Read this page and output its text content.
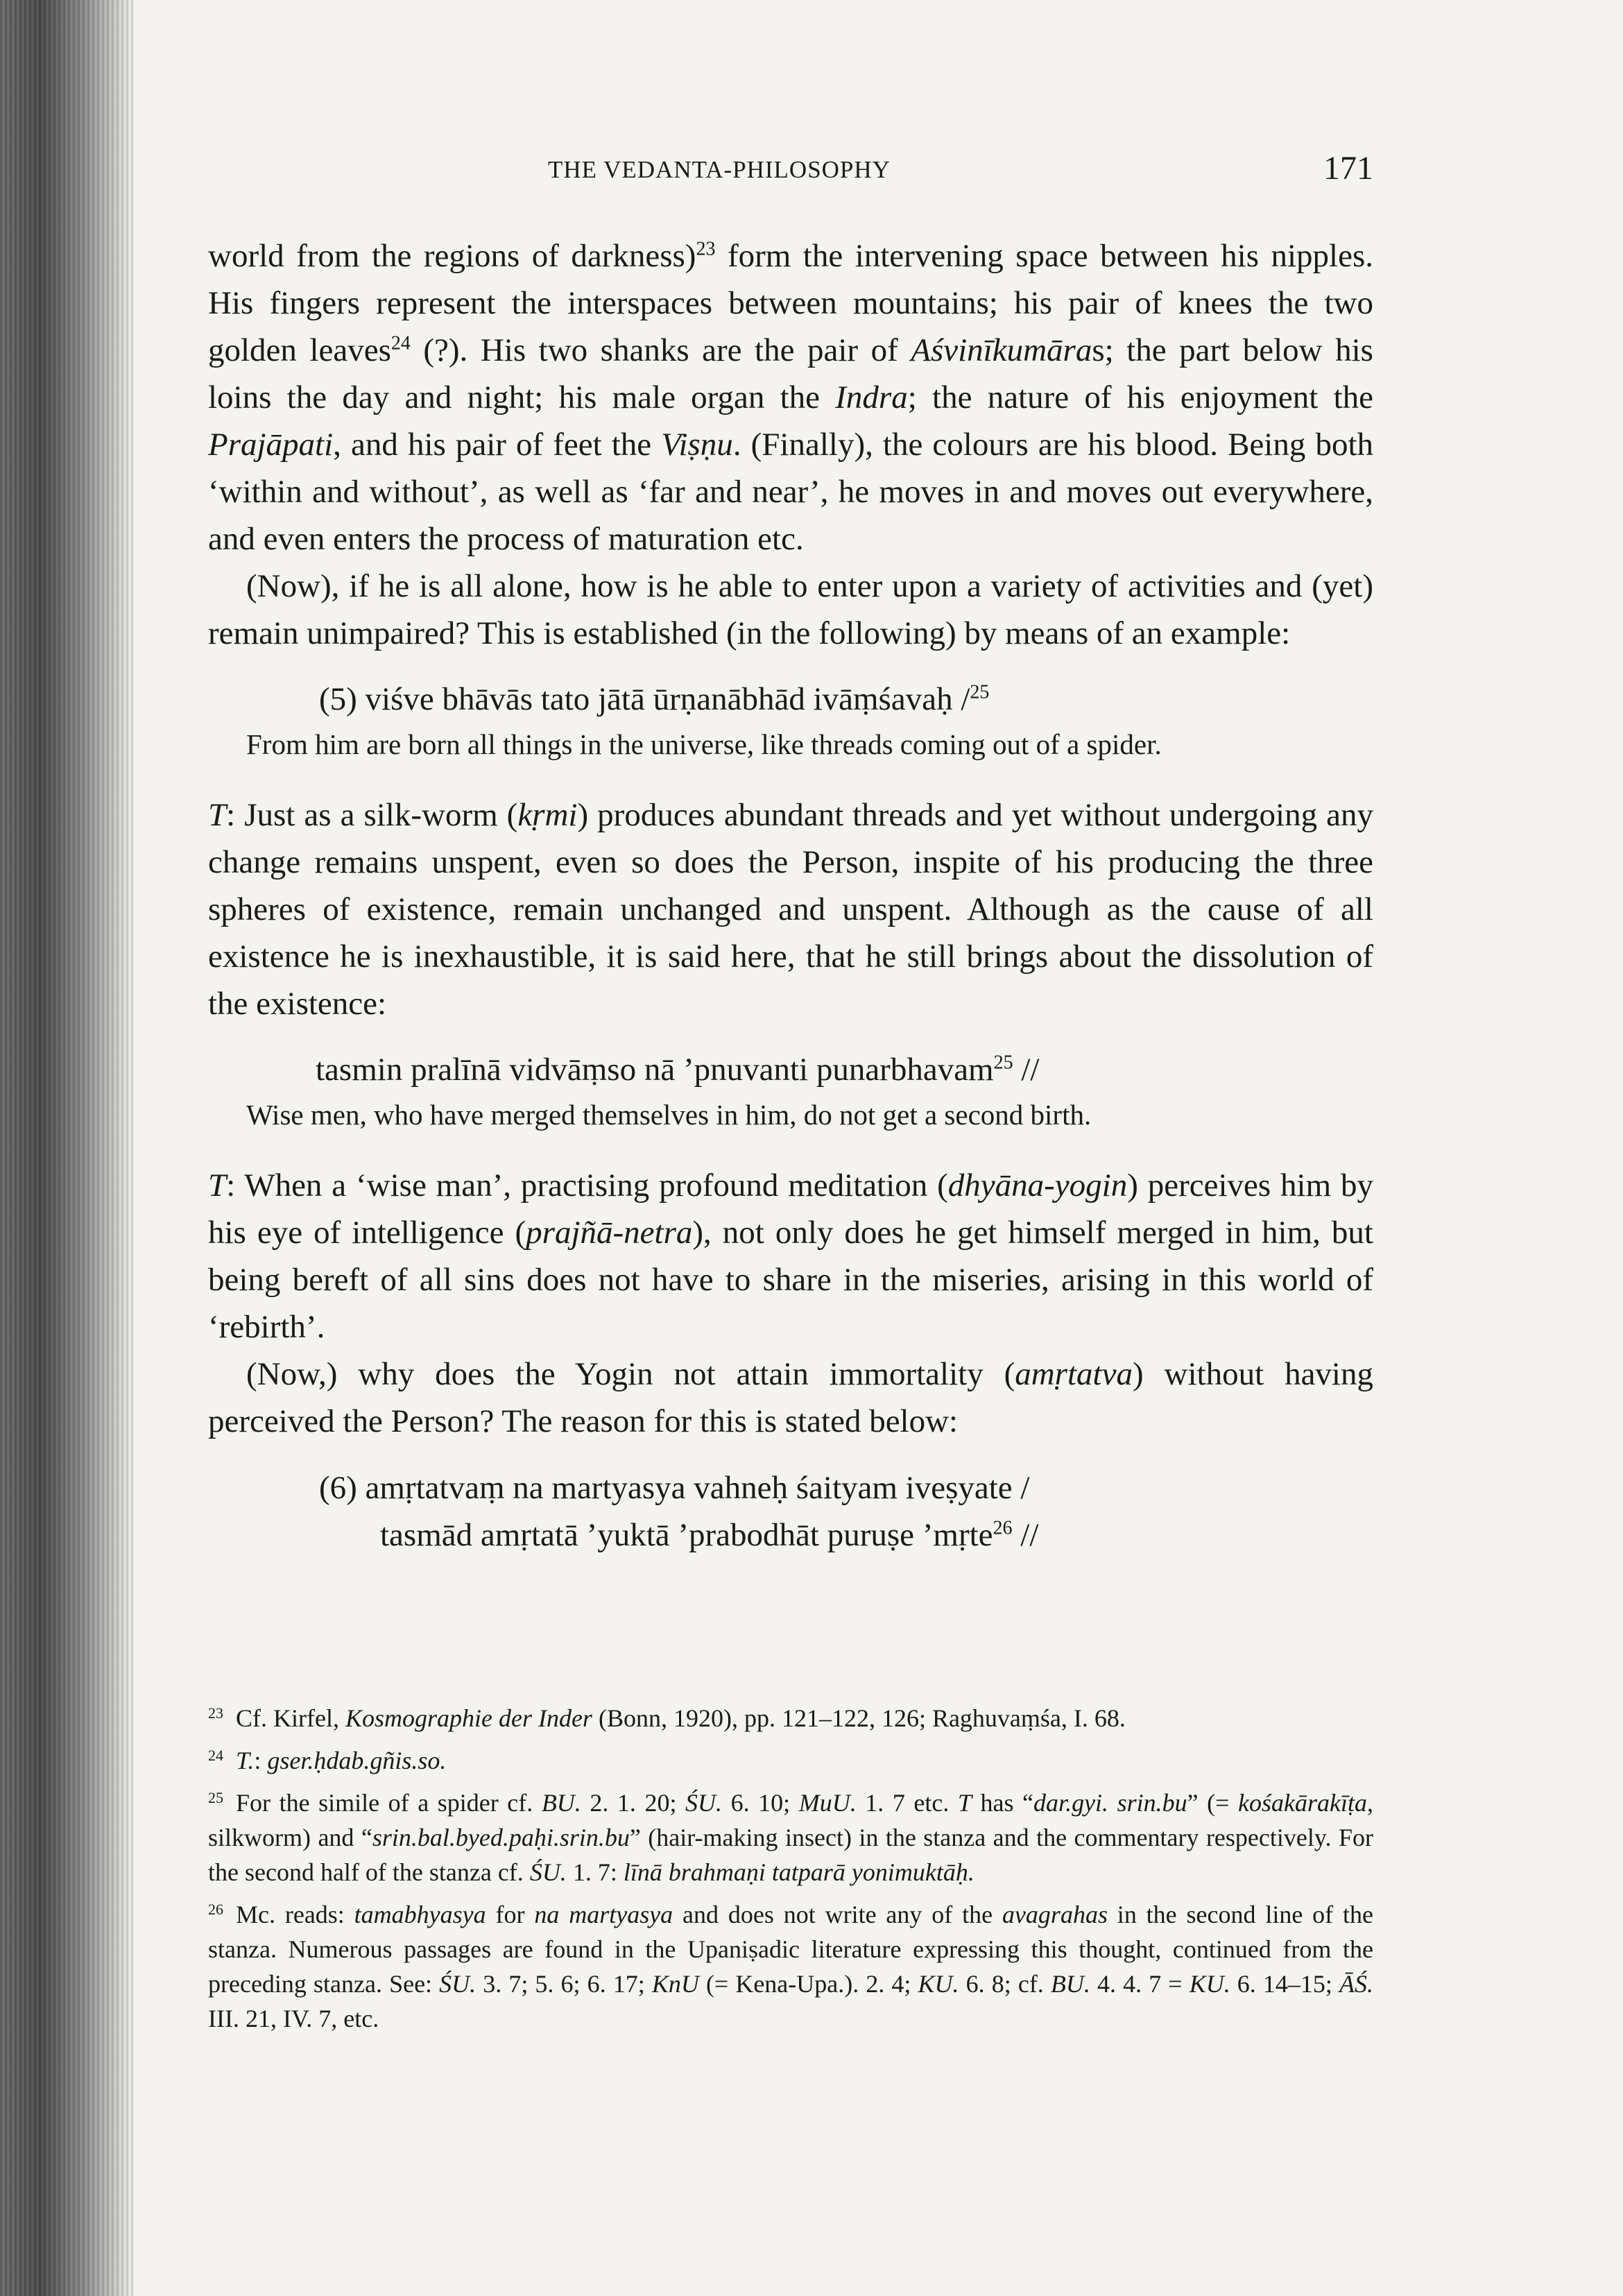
THE VEDANTA-PHILOSOPHY	171

world from the regions of darkness)$^{23}$ form the intervening space between his nipples. His fingers represent the interspaces between mountains; his pair of knees the two golden leaves$^{24}$ (?). His two shanks are the pair of Aśvinīkumāras; the part below his loins the day and night; his male organ the Indra; the nature of his enjoyment the Prajāpati, and his pair of feet the Viṣṇu. (Finally), the colours are his blood. Being both ‘within and without’, as well as ‘far and near’, he moves in and moves out everywhere, and even enters the process of maturation etc.

(Now), if he is all alone, how is he able to enter upon a variety of activities and (yet) remain unimpaired? This is established (in the following) by means of an example:

(5) viśve bhāvās tato jātā ūrṇanābhād ivāṃśavaḥ /$^{25}$

From him are born all things in the universe, like threads coming out of a spider.

T: Just as a silk-worm (kṛmi) produces abundant threads and yet without undergoing any change remains unspent, even so does the Person, inspite of his producing the three spheres of existence, remain unchanged and unspent. Although as the cause of all existence he is inexhaustible, it is said here, that he still brings about the dissolution of the existence:

tasmin pralīnā vidvāṃso nā ’pnuvanti punarbhavam$^{25}$ //

Wise men, who have merged themselves in him, do not get a second birth.

T: When a ‘wise man’, practising profound meditation (dhyāna-yogin) perceives him by his eye of intelligence (prajñā-netra), not only does he get himself merged in him, but being bereft of all sins does not have to share in the miseries, arising in this world of ‘rebirth’.

(Now,) why does the Yogin not attain immortality (amṛtatva) without having perceived the Person? The reason for this is stated below:

(6) amṛtatvaṃ na martyasya vahneḥ śaityam iveṣyate /
tasmād amṛtatā ’yuktā ’prabodhāt puruṣe ’mṛte$^{26}$ //

$^{23}$ Cf. Kirfel, Kosmographie der Inder (Bonn, 1920), pp. 121–122, 126; Raghuvaṃśa, I. 68.

$^{24}$ T.: gser.ḥdab.gñis.so.

$^{25}$ For the simile of a spider cf. BU. 2. 1. 20; ŚU. 6. 10; MuU. 1. 7 etc. T has “dar.gyi. srin.bu” (= kośakārakīṭa, silkworm) and “srin.bal.byed.paḥi.srin.bu” (hair-making insect) in the stanza and the commentary respectively. For the second half of the stanza cf. ŚU. 1. 7: līnā brahmaṇi tatparā yonimuktāḥ.

$^{26}$ Mc. reads: tamabhyasya for na martyasya and does not write any of the avagrahas in the second line of the stanza. Numerous passages are found in the Upaniṣadic literature expressing this thought, continued from the preceding stanza. See: ŚU. 3. 7; 5. 6; 6. 17; KnU (= Kena-Upa.). 2. 4; KU. 6. 8; cf. BU. 4. 4. 7 = KU. 6. 14–15; ĀŚ. III. 21, IV. 7, etc.
